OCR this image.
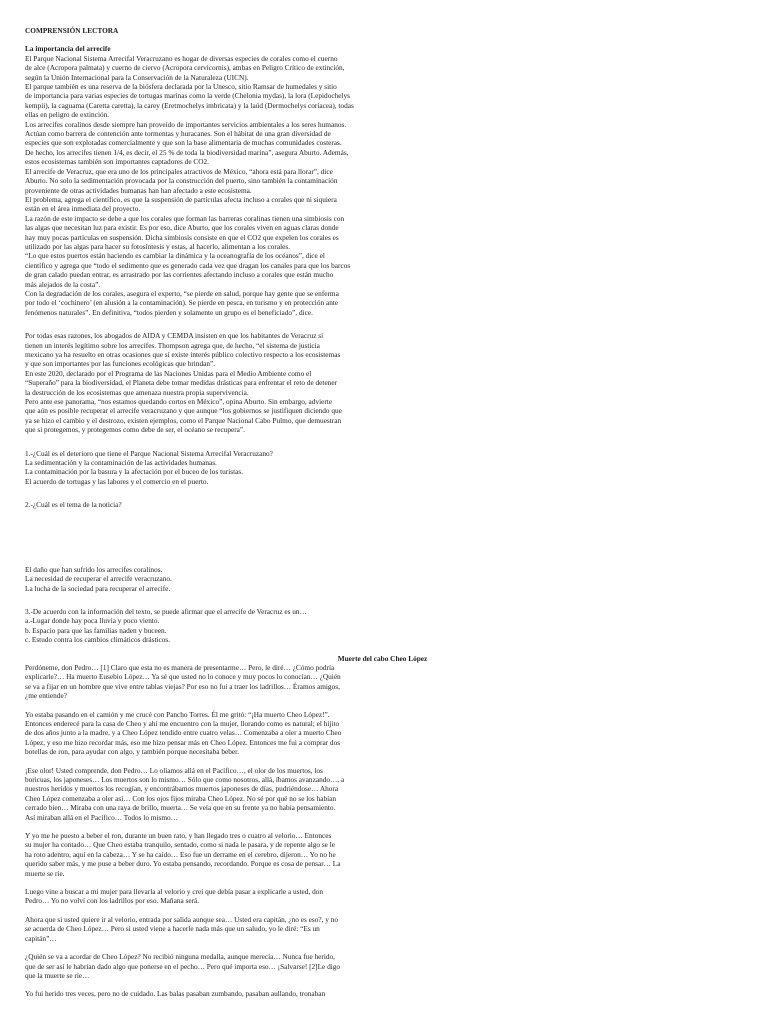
COMPRENSIÓN LECTORA
La importancia del arrecife
El Parque Nacional Sistema Arrecifal Veracruzano es hogar de diversas especies de corales como el cuerno
de alce (Acropora palmata) y cuerno de ciervo (Acropora cervicornis), ambas en Peligro Crítico de extinción,
según la Unión Internacional para la Conservación de la Naturaleza (UICN).
El parque también es una reserva de la biósfera declarada por la Unesco, sitio Ramsar de humedales y sitio
de importancia para varias especies de tortugas marinas como la verde (Chelonia mydas), la lora (Lepidochelys
kempii), la caguama (Caretta caretta), la carey (Eretmochelys imbricata) y la laúd (Dermochelys coriacea), todas
ellas en peligro de extinción.
Los arrecifes coralinos desde siempre han proveído de importantes servicios ambientales a los seres humanos.
Actúan como barrera de contención ante tormentas y huracanes. Son el hábitat de una gran diversidad de
especies que son explotadas comercialmente y que son la base alimentaria de muchas comunidades costeras.
De hecho, los arrecifes tienen 1/4, es decir, el 25 % de toda la biodiversidad marina”, asegura Aburto. Además,
estos ecosistemas también son importantes captadores de CO2.
El arrecife de Veracruz, que era uno de los principales atractivos de México, “ahora está para llorar”, dice
Aburto. No solo la sedimentación provocada por la construcción del puerto, sino también la contaminación
proveniente de otras actividades humanas han han afectado a este ecosistema.
El problema, agrega el científico, es que la suspensión de partículas afecta incluso a corales que ni siquiera
están en el área inmediata del proyecto.
La razón de este impacto se debe a que los corales que forman las barreras coralinas tienen una simbiosis con
las algas que necesitan luz para existir. Es por eso, dice Aburto, que los corales viven en aguas claras donde
hay muy pocas partículas en suspensión. Dicha simbiosis consiste en que el CO2 que expelen los corales es
utilizado por las algas para hacer su fotosíntesis y estas, al hacerlo, alimentan a los corales.
“Lo que estos puertos están haciendo es cambiar la dinámica y la oceanografía de los océanos”, dice el
científico y agrega que “todo el sedimento que es generado cada vez que dragan los canales para que los barcos
de gran calado puedan entrar, es arrastrado por las corrientes afectando incluso a corales que están mucho
más alejados de la costa”.
Con la degradación de los corales, asegura el experto, “se pierde en salud, porque hay gente que se enferma
por todo el ‘cochinero’ (en alusión a la contaminación). Se pierde en pesca, en turismo y en protección ante
fenómenos naturales”. En definitiva, “todos pierden y solamente un grupo es el beneficiado”, dice.
Por todas esas razones, los abogados de AIDA y CEMDA insisten en que los habitantes de Veracruz sí
tienen un interés legítimo sobre los arrecifes. Thompson agrega que, de hecho, “el sistema de justicia
mexicano ya ha resuelto en otras ocasiones que sí existe interés público colectivo respecto a los ecosistemas
y que son importantes por las funciones ecológicas que brindan”.
En este 2020, declarado por el Programa de las Naciones Unidas para el Medio Ambiente como el
“Superaño” para la biodiversidad, el Planeta debe tomar medidas drásticas para enfrentar el reto de detener
la destrucción de los ecosistemas que amenaza nuestra propia supervivencia.
Pero ante ese panorama, “nos estamos quedando cortos en México”, opina Aburto. Sin embargo, advierte
que aún es posible recuperar el arrecife veracruzano y que aunque “los gobiernos se justifiquen diciendo que
ya se hizo el cambio y el destrozo, existen ejemplos, como el Parque Nacional Cabo Pulmo, que demuestran
que si protegemos, y protegemos como debe de ser, el océano se recupera”.
1.-¿Cuál es el deterioro que tiene el Parque Nacional Sistema Arrecifal Veracruzano?
La sedimentación y la contaminación de las actividades humanas.
La contaminación por la basura y la afectación por el buceo de los turistas.
El acuerdo de tortugas y las labores y el comercio en el puerto.
2.-¿Cuál es el tema de la noticia?
El daño que han sufrido los arrecifes coralinos.
La necesidad de recuperar el arrecife veracruzano.
La lucha de la sociedad para recuperar el arrecife.
3.-De acuerdo con la información del texto, se puede afirmar que el arrecife de Veracruz es un…
a.-Lugar donde hay poca lluvia y poco viento.
b. Espacio para que las familias naden y buceen.
c. Estudo contra los cambios climáticos drásticos.
Muerte del cabo Cheo López
Perdóneme, don Pedro… [1] Claro que esta no es manera de presentarme… Pero, le diré… ¿Cómo podría
explicarle?… Ha muerto Eusebio López… Ya sé que usted no lo conoce y muy pocos lo conocían… ¿Quién
se va a fijar en un hombre que vive entre tablas viejas? Por eso no fui a traer los ladrillos… Éramos amigos,
¿me entiende?
Yo estaba pasando en el camión y me crucé con Pancho Torres. Él me gritó: “¡Ha muerto Cheo López!”.
Entonces enderecé para la casa de Cheo y ahí me encuentro con la mujer, llorando como es natural; el hijito
de dos años junto a la madre, y a Cheo López tendido entre cuatro velas… Comenzaba a oler a muerto Cheo
López, y eso me hizo recordar más, eso me hizo pensar más en Cheo López. Entonces me fui a comprar dos
botellas de ron, para ayudar con algo, y también porque necesitaba beber.
¡Ese olor! Usted comprende, don Pedro… Lo olíamos allá en el Pacífico…, el olor de los muertos, los
boricuas, los japoneses… Los muertos son lo mismo… Sólo que como nosotros, allá, íbamos avanzando…, a
nuestros heridos y muertos los recogían, y encontrábamos muertos japoneses de días, pudriéndose… Ahora
Cheo López comenzaba a oler así… Con los ojos fijos miraba Cheo López. No sé por qué no se los habían
cerrado bien… Miraba con una raya de brillo, muerta… Se veía que en su frente ya no había pensamiento.
Así miraban allá en el Pacífico… Todos lo mismo…
Y yo me he puesto a beber el ron, durante un buen rato, y han llegado tres o cuatro al velorio… Entonces
su mujer ha contado… Que Cheo estaba tranquilo, sentado, como si nada le pasara, y de repente algo se le
ha roto adentro, aquí en la cabeza… Y se ha caído… Eso fue un derrame en el cerebro, dijeron… Yo no he
querido saber más, y me puse a beber duro. Yo estaba pensando, recordando. Porque es cosa de pensar… La
muerte se ríe.
Luego vine a buscar a mi mujer para llevarla al velorio y creí que debía pasar a explicarle a usted, don
Pedro… Yo no volví con los ladrillos por eso. Mañana será.
Ahora que si usted quiere ir al velorio, entrada por salida aunque sea… Usted era capitán, ¿no es eso?, y no
se acuerda de Cheo López… Pero si usted viene a hacerle nada más que un saludo, yo le diré: “Es un
capitán”…
¿Quién se va a acordar de Cheo López? No recibió ninguna medalla, aunque merecía… Nunca fue herido,
que de ser así le habrían dado algo que ponerse en el pecho… Pero qué importa eso… ¡Salvarse! [2]Le digo
que la muerte se ríe…
Yo fui herido tres veces, pero no de cuidado. Las balas pasaban zumbando, pasaban aullando, tronaban
